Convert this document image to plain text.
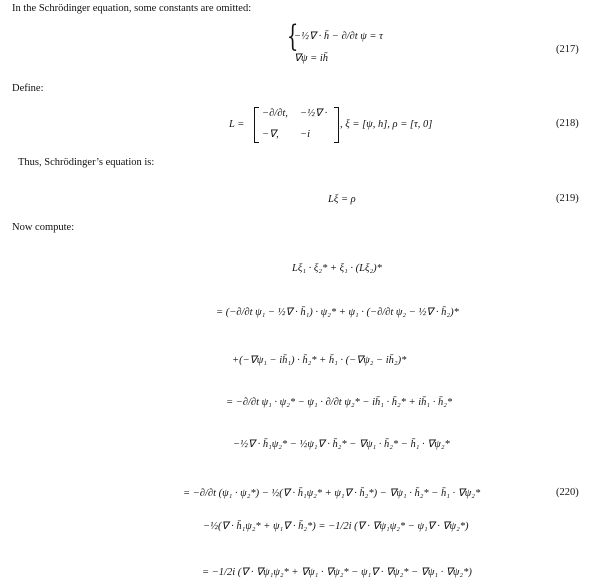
In the Schrödinger equation, some constants are omitted:
{
−½∇ · h̄ − ∂/∂t ψ = τ
∇ψ = ih̄
(217)
Define:
L =
−∂/∂t, −½∇ ·
−∇, −i
, ξ = [ψ, h], ρ = [τ, 0]	(218)
Thus, Schrödinger’s equation is:
Lξ = ρ	(219)
Now compute:
Lξ₁ · ξ₂* + ξ₁ · (Lξ₂)*
= (−∂/∂t ψ₁ − ½∇ · h̄₁) · ψ₂* + ψ₁ · (−∂/∂t ψ₂ − ½∇ · h̄₂)*
+(−∇ψ₁ − ih̄₁) · h̄₂* + h̄₁ · (−∇ψ₂ − ih̄₂)*
= −∂/∂t ψ₁ · ψ₂* − ψ₁ · ∂/∂t ψ₂* − ih̄₁ · h̄₂* + ih̄₁ · h̄₂*
−½∇ · h̄₁ψ₂* − ½ψ₁∇ · h̄₂* − ∇ψ₁ · h̄₂* − h̄₁ · ∇ψ₂*
= −∂/∂t (ψ₁ · ψ₂*) − ½(∇ · h̄₁ψ₂* + ψ₁∇ · h̄₂*) − ∇ψ₁ · h̄₂* − h̄₁ · ∇ψ₂*	(220)
−½(∇ · h̄₁ψ₂* + ψ₁∇ · h̄₂*) = −1/2i (∇ · ∇ψ₁ψ₂* − ψ₁∇ · ∇ψ₂*)
= −1/2i (∇ · ∇ψ₁ψ₂* + ∇ψ₁ · ∇ψ₂* − ψ₁∇ · ∇ψ₂* − ∇ψ₁ · ∇ψ₂*)
